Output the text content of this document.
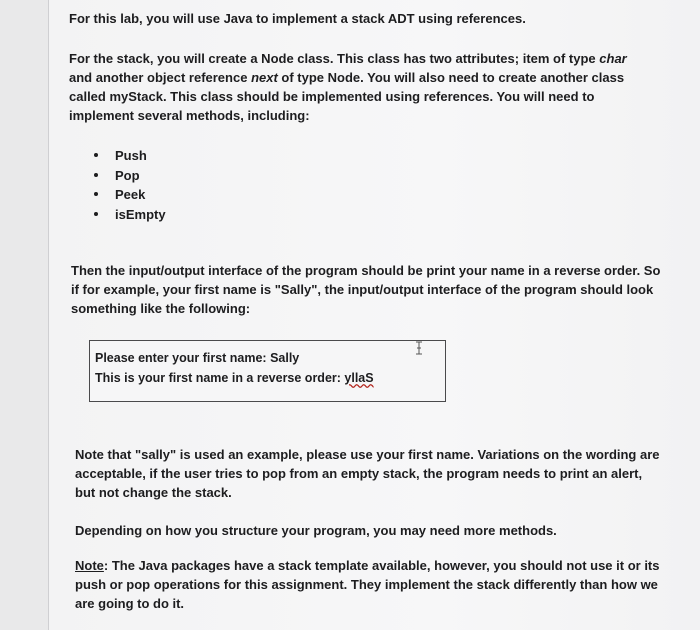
For this lab, you will use Java to implement a stack ADT using references.
For the stack, you will create a Node class. This class has two attributes; item of type char and another object reference next of type Node. You will also need to create another class called myStack. This class should be implemented using references. You will need to implement several methods, including:
Push
Pop
Peek
isEmpty
Then the input/output interface of the program should be print your name in a reverse order. So if for example, your first name is "Sally", the input/output interface of the program should look something like the following:
Please enter your first name: Sally
This is your first name in a reverse order: yllaS
Note that "sally" is used an example, please use your first name. Variations on the wording are acceptable, if the user tries to pop from an empty stack, the program needs to print an alert, but not change the stack.
Depending on how you structure your program, you may need more methods.
Note: The Java packages have a stack template available, however, you should not use it or its push or pop operations for this assignment. They implement the stack differently than how we are going to do it.
